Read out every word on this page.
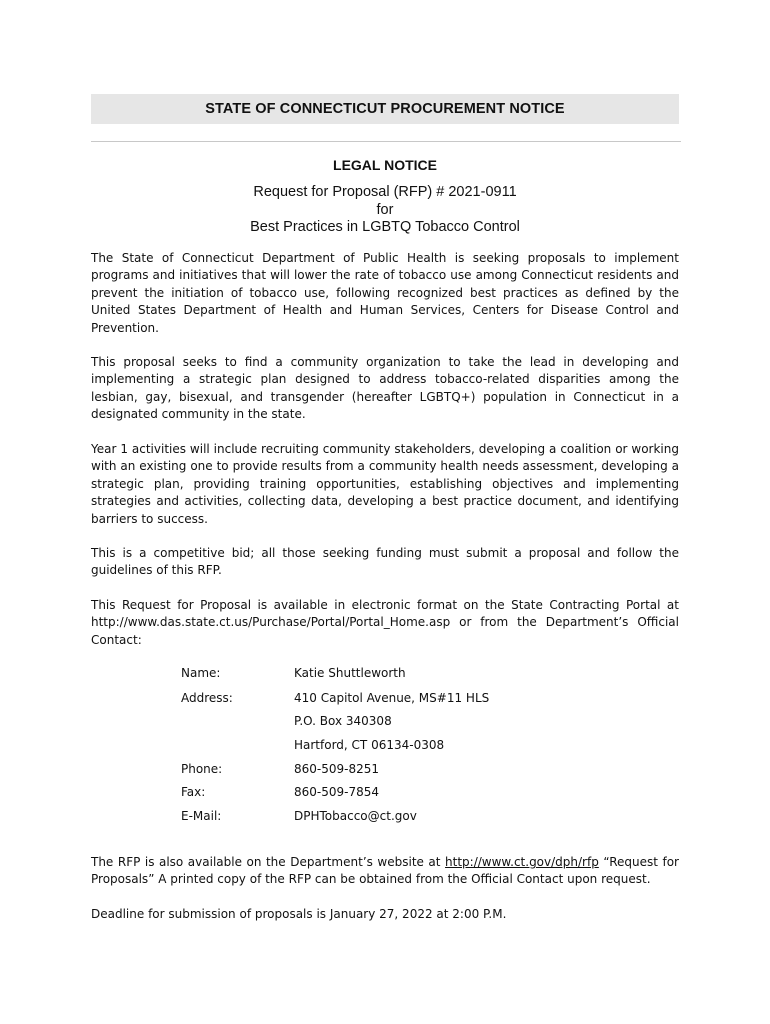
STATE OF CONNECTICUT PROCUREMENT NOTICE
LEGAL NOTICE
Request for Proposal (RFP) # 2021-0911
for
Best Practices in LGBTQ Tobacco Control
The State of Connecticut Department of Public Health is seeking proposals to implement programs and initiatives that will lower the rate of tobacco use among Connecticut residents and prevent the initiation of tobacco use, following recognized best practices as defined by the United States Department of Health and Human Services, Centers for Disease Control and Prevention.
This proposal seeks to find a community organization to take the lead in developing and implementing a strategic plan designed to address tobacco-related disparities among the lesbian, gay, bisexual, and transgender (hereafter LGBTQ+) population in Connecticut in a designated community in the state.
Year 1 activities will include recruiting community stakeholders, developing a coalition or working with an existing one to provide results from a community health needs assessment, developing a strategic plan, providing training opportunities, establishing objectives and implementing strategies and activities, collecting data, developing a best practice document, and identifying barriers to success.
This is a competitive bid; all those seeking funding must submit a proposal and follow the guidelines of this RFP.
This Request for Proposal is available in electronic format on the State Contracting Portal at http://www.das.state.ct.us/Purchase/Portal/Portal_Home.asp or from the Department’s Official Contact:
Name:	Katie Shuttleworth
Address:	410 Capitol Avenue, MS#11 HLS
P.O. Box 340308
Hartford, CT 06134-0308
Phone:	860-509-8251
Fax:	860-509-7854
E-Mail:	DPHTobacco@ct.gov
The RFP is also available on the Department’s website at http://www.ct.gov/dph/rfp “Request for Proposals” A printed copy of the RFP can be obtained from the Official Contact upon request.
Deadline for submission of proposals is January 27, 2022 at 2:00 P.M.
